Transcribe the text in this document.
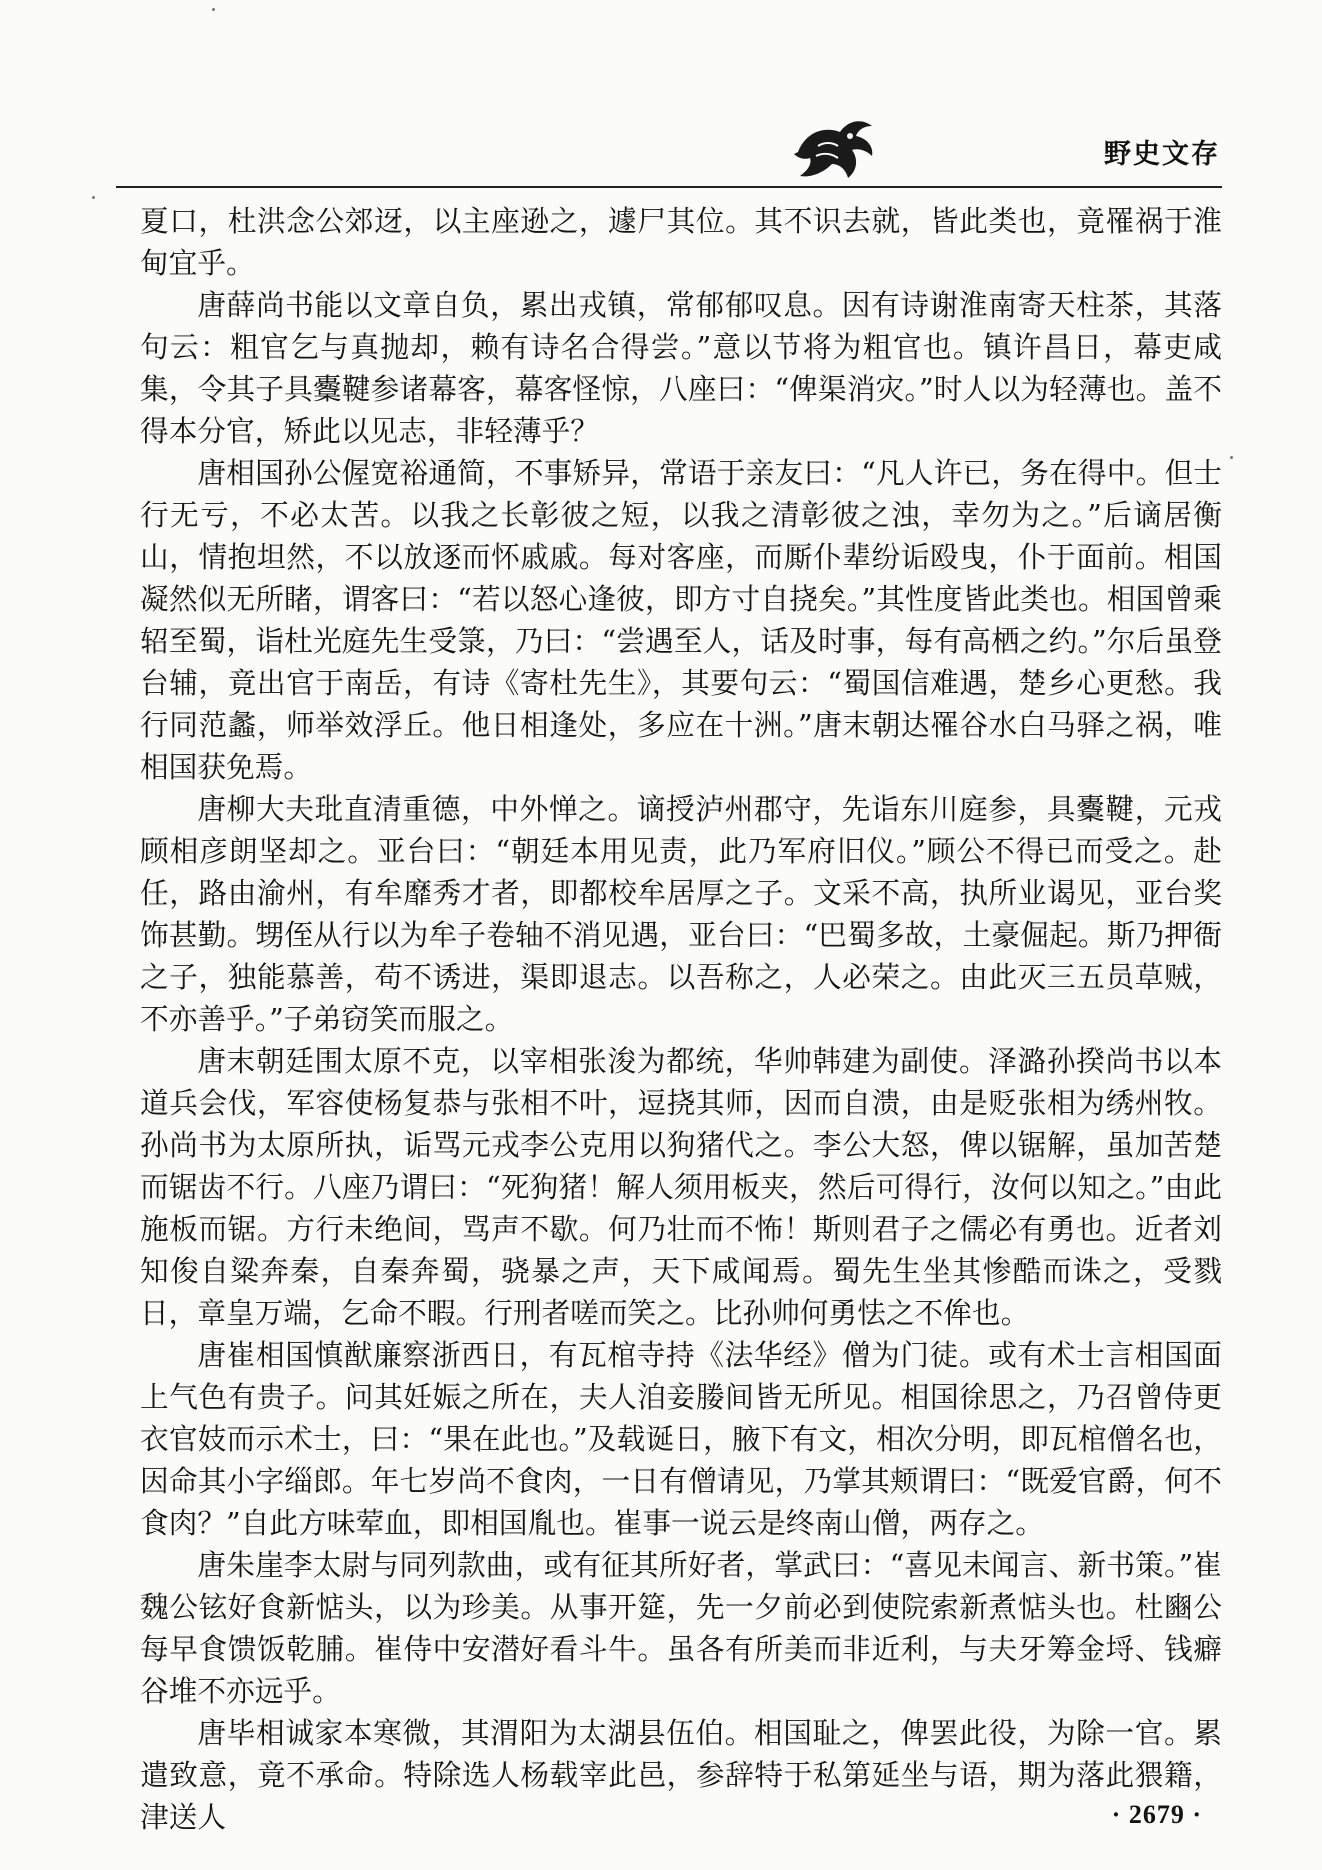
野史文存

夏口，杜洪念公郊迓，以主座逊之，遽尸其位。其不识去就，皆此类也，竟罹祸于淮甸宜乎。

唐薛尚书能以文章自负，累出戎镇，常郁郁叹息。因有诗谢淮南寄天柱茶，其落句云：粗官乞与真抛却，赖有诗名合得尝。”意以节将为粗官也。镇许昌日，幕吏咸集，令其子具櫜鞬参诸幕客，幕客怪惊，八座曰：“俾渠消灾。”时人以为轻薄也。盖不得本分官，矫此以见志，非轻薄乎？

唐相国孙公偓宽裕通简，不事矫异，常语于亲友曰：“凡人许已，务在得中。但士行无亏，不必太苦。以我之长彰彼之短，以我之清彰彼之浊，幸勿为之。”后谪居衡山，情抱坦然，不以放逐而怀戚戚。每对客座，而厮仆辈纷诟殴曳，仆于面前。相国凝然似无所睹，谓客曰：“若以怒心逢彼，即方寸自挠矣。”其性度皆此类也。相国曾乘轺至蜀，诣杜光庭先生受箓，乃曰：“尝遇至人，话及时事，每有高栖之约。”尔后虽登台辅，竟出官于南岳，有诗《寄杜先生》，其要句云：“蜀国信难遇，楚乡心更愁。我行同范蠡，师举效浮丘。他日相逢处，多应在十洲。”唐末朝达罹谷水白马驿之祸，唯相国获免焉。

唐柳大夫玭直清重德，中外惮之。谪授泸州郡守，先诣东川庭参，具櫜鞬，元戎顾相彦朗坚却之。亚台曰：“朝廷本用见责，此乃军府旧仪。”顾公不得已而受之。赴任，路由渝州，有牟靡秀才者，即都校牟居厚之子。文采不高，执所业谒见，亚台奖饰甚勤。甥侄从行以为牟子卷轴不消见遇，亚台曰：“巴蜀多故，土豪倔起。斯乃押衙之子，独能慕善，苟不诱进，渠即退志。以吾称之，人必荣之。由此灭三五员草贼，不亦善乎。”子弟窃笑而服之。

唐末朝廷围太原不克，以宰相张浚为都统，华帅韩建为副使。泽潞孙揆尚书以本道兵会伐，军容使杨复恭与张相不叶，逗挠其师，因而自溃，由是贬张相为绣州牧。孙尚书为太原所执，诟骂元戎李公克用以狗猪代之。李公大怒，俾以锯解，虽加苦楚而锯齿不行。八座乃谓曰：“死狗猪！解人须用板夹，然后可得行，汝何以知之。”由此施板而锯。方行未绝间，骂声不歇。何乃壮而不怖！斯则君子之儒必有勇也。近者刘知俊自粱奔秦，自秦奔蜀，骁暴之声，天下咸闻焉。蜀先生坐其惨酷而诛之，受戮日，章皇万端，乞命不暇。行刑者嗟而笑之。比孙帅何勇怯之不侔也。

唐崔相国慎猷廉察浙西日，有瓦棺寺持《法华经》僧为门徒。或有术士言相国面上气色有贵子。问其妊娠之所在，夫人洎妾媵间皆无所见。相国徐思之，乃召曾侍更衣官妓而示术士，曰：“果在此也。”及载诞日，腋下有文，相次分明，即瓦棺僧名也，因命其小字缁郎。年七岁尚不食肉，一日有僧请见，乃掌其颊谓曰：“既爱官爵，何不食肉？”自此方味荤血，即相国胤也。崔事一说云是终南山僧，两存之。

唐朱崖李太尉与同列款曲，或有征其所好者，掌武曰：“喜见未闻言、新书策。”崔魏公铉好食新惦头，以为珍美。从事开筵，先一夕前必到使院索新煮惦头也。杜豳公每早食馈饭乾脯。崔侍中安潜好看斗牛。虽各有所美而非近利，与夫牙筹金埒、钱癖谷堆不亦远乎。

唐毕相诚家本寒微，其渭阳为太湖县伍伯。相国耻之，俾罢此役，为除一官。累遣致意，竟不承命。特除选人杨载宰此邑，参辞特于私第延坐与语，期为落此猥籍，津送人	· 2679 ·
